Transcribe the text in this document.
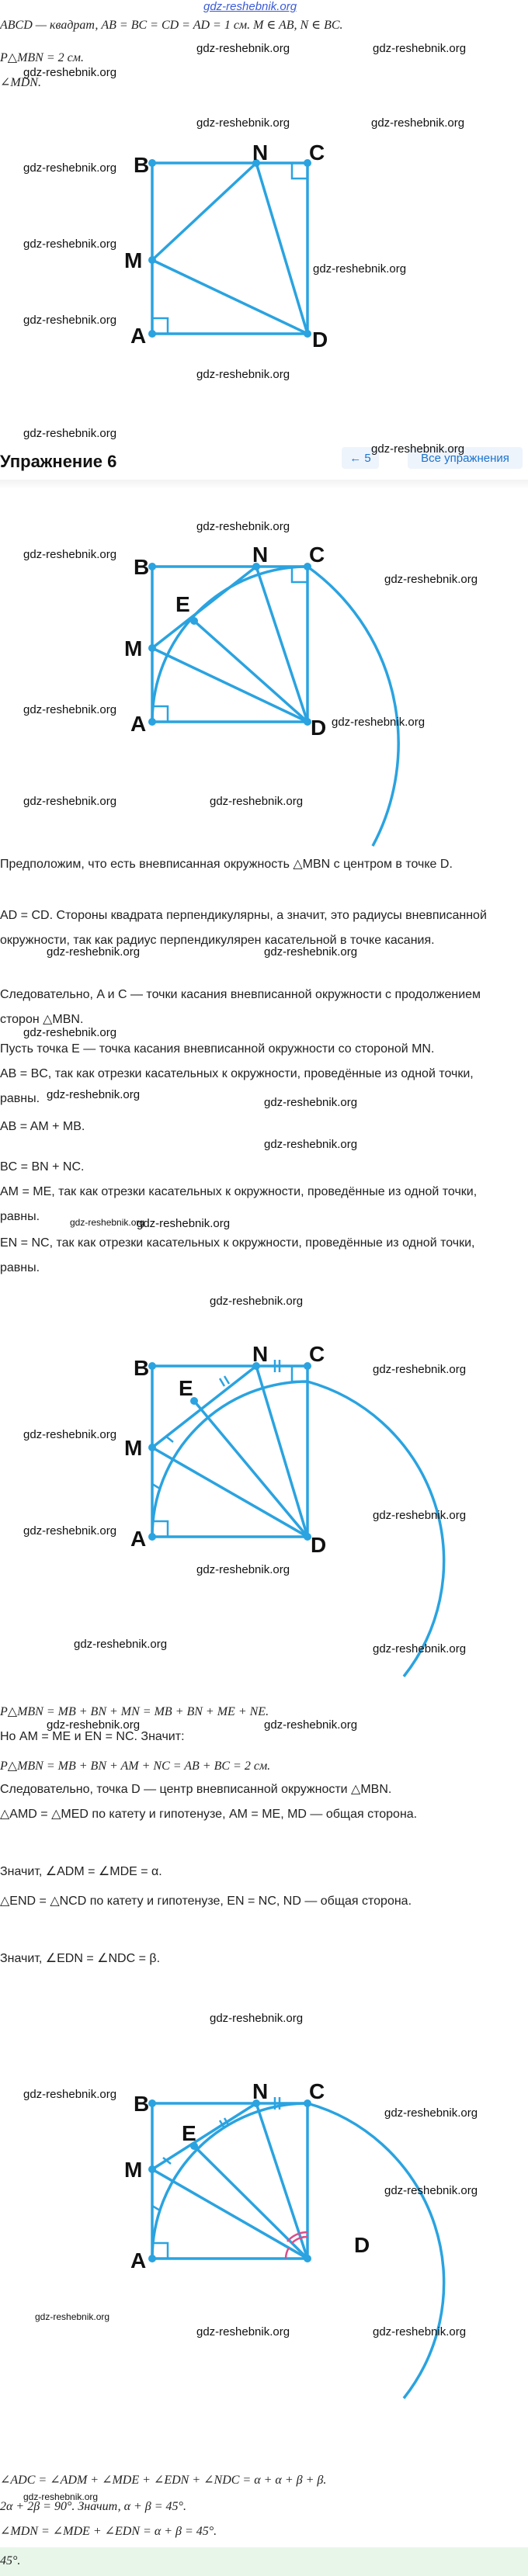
gdz-reshebnik.org
ABCD — квадрат, AB = BC = CD = AD = 1 см. M ∈ AB, N ∈ BC.
P△MBN = 2 см.
∠MDN.
B
N C
M
A	D
Упражнение 6	← 5	Все упражнения
B
N C
E
M
A	D
Предположим, что есть вневписанная окружность △MBN с центром в точке D.
AD = CD. Стороны квадрата перпендикулярны, а значит, это радиусы вневписанной окружности, так как радиус перпендикулярен касательной в точке касания.
Следовательно, A и C — точки касания вневписанной окружности с продолжением сторон △MBN.
Пусть точка E — точка касания вневписанной окружности со стороной MN.
AB = BC, так как отрезки касательных к окружности, проведённые из одной точки, равны.
AB = AM + MB.
BC = BN + NC.
AM = ME, так как отрезки касательных к окружности, проведённые из одной точки, равны.
EN = NC, так как отрезки касательных к окружности, проведённые из одной точки, равны.
B
N C
E
M
A	D
P△MBN = MB + BN + MN = MB + BN + ME + NE.
Но AM = ME и EN = NC. Значит:
P△MBN = MB + BN + AM + NC = AB + BC = 2 см.
Следовательно, точка D — центр вневписанной окружности △MBN.
△AMD = △MED по катету и гипотенузе, AM = ME, MD — общая сторона.
Значит, ∠ADM = ∠MDE = α.
△END = △NCD по катету и гипотенузе, EN = NC, ND — общая сторона.
Значит, ∠EDN = ∠NDC = β.
B
N C
E
M
A
D
∠ADC = ∠ADM + ∠MDE + ∠EDN + ∠NDC = α + α + β + β.
2α + 2β = 90°. Значит, α + β = 45°.
∠MDN = ∠MDE + ∠EDN = α + β = 45°.
45°.
gdz-reshebnik.org
gdz-reshebnik.org	gdz-reshebnik.org
gdz-reshebnik.org	gdz-reshebnik.org
gdz-reshebnik.org
gdz-reshebnik.org
gdz-reshebnik.org
gdz-reshebnik.org
gdz-reshebnik.org
gdz-reshebnik.org
gdz-reshebnik.org
gdz-reshebnik.org
gdz-reshebnik.org
gdz-reshebnik.org
gdz-reshebnik.org
gdz-reshebnik.org
gdz-reshebnik.org	gdz-reshebnik.org
gdz-reshebnik.org	gdz-reshebnik.org
gdz-reshebnik.org
gdz-reshebnik.org
gdz-reshebnik.org
gdz-reshebnik.org
gdz-reshebnik.org
gdz-reshebnik.org
gdz-reshebnik.org
gdz-reshebnik.org
gdz-reshebnik.org
gdz-reshebnik.org
gdz-reshebnik.org
gdz-reshebnik.org
gdz-reshebnik.org	gdz-reshebnik.org
gdz-reshebnik.org	gdz-reshebnik.org
gdz-reshebnik.org
gdz-reshebnik.org
gdz-reshebnik.org
gdz-reshebnik.org
gdz-reshebnik.org
gdz-reshebnik.org	gdz-reshebnik.org
gdz-reshebnik.org
